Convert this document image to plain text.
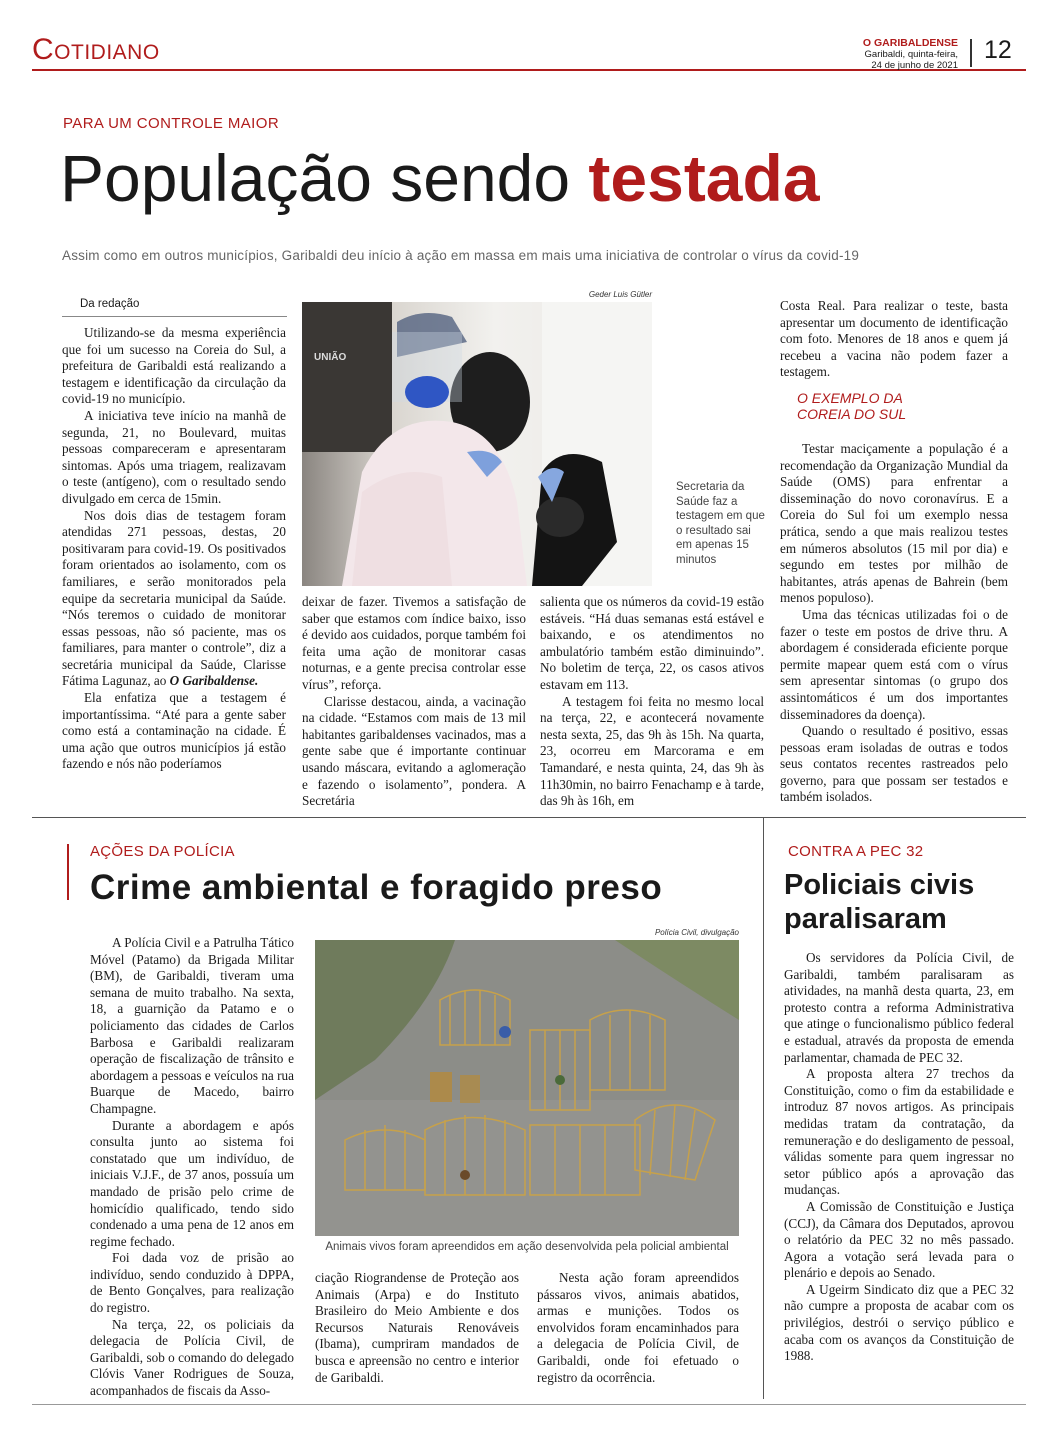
Cotidiano	O GARIBALDENSE
Garibaldi, quinta-feira,
24 de junho de 2021
12
PARA UM CONTROLE MAIOR
População sendo testada
Assim como em outros municípios, Garibaldi deu início à ação em massa em mais uma iniciativa de controlar o vírus da covid-19
Da redação

Utilizando-se da mesma experiência que foi um sucesso na Coreia do Sul, a prefeitura de Garibaldi está realizando a testagem e identificação da circulação da covid-19 no município.

A iniciativa teve início na manhã de segunda, 21, no Boulevard, muitas pessoas compareceram e apresentaram sintomas. Após uma triagem, realizavam o teste (antígeno), com o resultado sendo divulgado em cerca de 15min.

Nos dois dias de testagem foram atendidas 271 pessoas, destas, 20 positivaram para covid-19. Os positivados foram orientados ao isolamento, com os familiares, e serão monitorados pela equipe da secretaria municipal da Saúde. “Nós teremos o cuidado de monitorar essas pessoas, não só paciente, mas os familiares, para manter o controle”, diz a secretária municipal da Saúde, Clarisse Fátima Lagunaz, ao O Garibaldense.

Ela enfatiza que a testagem é importantíssima. “Até para a gente saber como está a contaminação na cidade. É uma ação que outros municípios já estão fazendo e nós não poderíamos

Geder Luis Gütler
UNIÃO
Secretaria da Saúde faz a testagem em que o resultado sai em apenas 15 minutos

deixar de fazer. Tivemos a satisfação de saber que estamos com índice baixo, isso é devido aos cuidados, porque também foi feita uma ação de monitorar casas noturnas, e a gente precisa controlar esse vírus”, reforça.

Clarisse destacou, ainda, a vacinação na cidade. “Estamos com mais de 13 mil habitantes garibaldenses vacinados, mas a gente sabe que é importante continuar usando máscara, evitando a aglomeração e fazendo o isolamento”, pondera. A Secretária

salienta que os números da covid-19 estão estáveis. “Há duas semanas está estável e baixando, e os atendimentos no ambulatório também estão diminuindo”. No boletim de terça, 22, os casos ativos estavam em 113.

A testagem foi feita no mesmo local na terça, 22, e acontecerá novamente nesta sexta, 25, das 9h às 15h. Na quarta, 23, ocorreu em Marcorama e em Tamandaré, e nesta quinta, 24, das 9h às 11h30min, no bairro Fenachamp e à tarde, das 9h às 16h, em

Costa Real. Para realizar o teste, basta apresentar um documento de identificação com foto. Menores de 18 anos e quem já recebeu a vacina não podem fazer a testagem.

O EXEMPLO DA COREIA DO SUL

Testar maciçamente a população é a recomendação da Organização Mundial da Saúde (OMS) para enfrentar a disseminação do novo coronavírus. E a Coreia do Sul foi um exemplo nessa prática, sendo a que mais realizou testes em números absolutos (15 mil por dia) e segundo em testes por milhão de habitantes, atrás apenas de Bahrein (bem menos populoso).

Uma das técnicas utilizadas foi o de fazer o teste em postos de drive thru. A abordagem é considerada eficiente porque permite mapear quem está com o vírus sem apresentar sintomas (o grupo dos assintomáticos é um dos importantes disseminadores da doença).

Quando o resultado é positivo, essas pessoas eram isoladas de outras e todos seus contatos recentes rastreados pelo governo, para que possam ser testados e também isolados.

AÇÕES DA POLÍCIA
Crime ambiental e foragido preso

A Polícia Civil e a Patrulha Tático Móvel (Patamo) da Brigada Militar (BM), de Garibaldi, tiveram uma semana de muito trabalho. Na sexta, 18, a guarnição da Patamo e o policiamento das cidades de Carlos Barbosa e Garibaldi realizaram operação de fiscalização de trânsito e abordagem a pessoas e veículos na rua Buarque de Macedo, bairro Champagne.

Durante a abordagem e após consulta junto ao sistema foi constatado que um indivíduo, de iniciais V.J.F., de 37 anos, possuía um mandado de prisão pelo crime de homicídio qualificado, tendo sido condenado a uma pena de 12 anos em regime fechado.

Foi dada voz de prisão ao indivíduo, sendo conduzido à DPPA, de Bento Gonçalves, para realização do registro.

Na terça, 22, os policiais da delegacia de Polícia Civil, de Garibaldi, sob o comando do delegado Clóvis Vaner Rodrigues de Souza, acompanhados de fiscais da Asso-

Polícia Civil, divulgação
Animais vivos foram apreendidos em ação desenvolvida pela policial ambiental

ciação Riograndense de Proteção aos Animais (Arpa) e do Instituto Brasileiro do Meio Ambiente e dos Recursos Naturais Renováveis (Ibama), cumpriram mandados de busca e apreensão no centro e interior de Garibaldi.

Nesta ação foram apreendidos pássaros vivos, animais abatidos, armas e munições. Todos os envolvidos foram encaminhados para a delegacia de Polícia Civil, de Garibaldi, onde foi efetuado o registro da ocorrência.

CONTRA A PEC 32
Policiais civis paralisaram

Os servidores da Polícia Civil, de Garibaldi, também paralisaram as atividades, na manhã desta quarta, 23, em protesto contra a reforma Administrativa que atinge o funcionalismo público federal e estadual, através da proposta de emenda parlamentar, chamada de PEC 32.

A proposta altera 27 trechos da Constituição, como o fim da estabilidade e introduz 87 novos artigos. As principais medidas tratam da contratação, da remuneração e do desligamento de pessoal, válidas somente para quem ingressar no setor público após a aprovação das mudanças.

A Comissão de Constituição e Justiça (CCJ), da Câmara dos Deputados, aprovou o relatório da PEC 32 no mês passado. Agora a votação será levada para o plenário e depois ao Senado.

A Ugeirm Sindicato diz que a PEC 32 não cumpre a proposta de acabar com os privilégios, destrói o serviço público e acaba com os avanços da Constituição de 1988.
